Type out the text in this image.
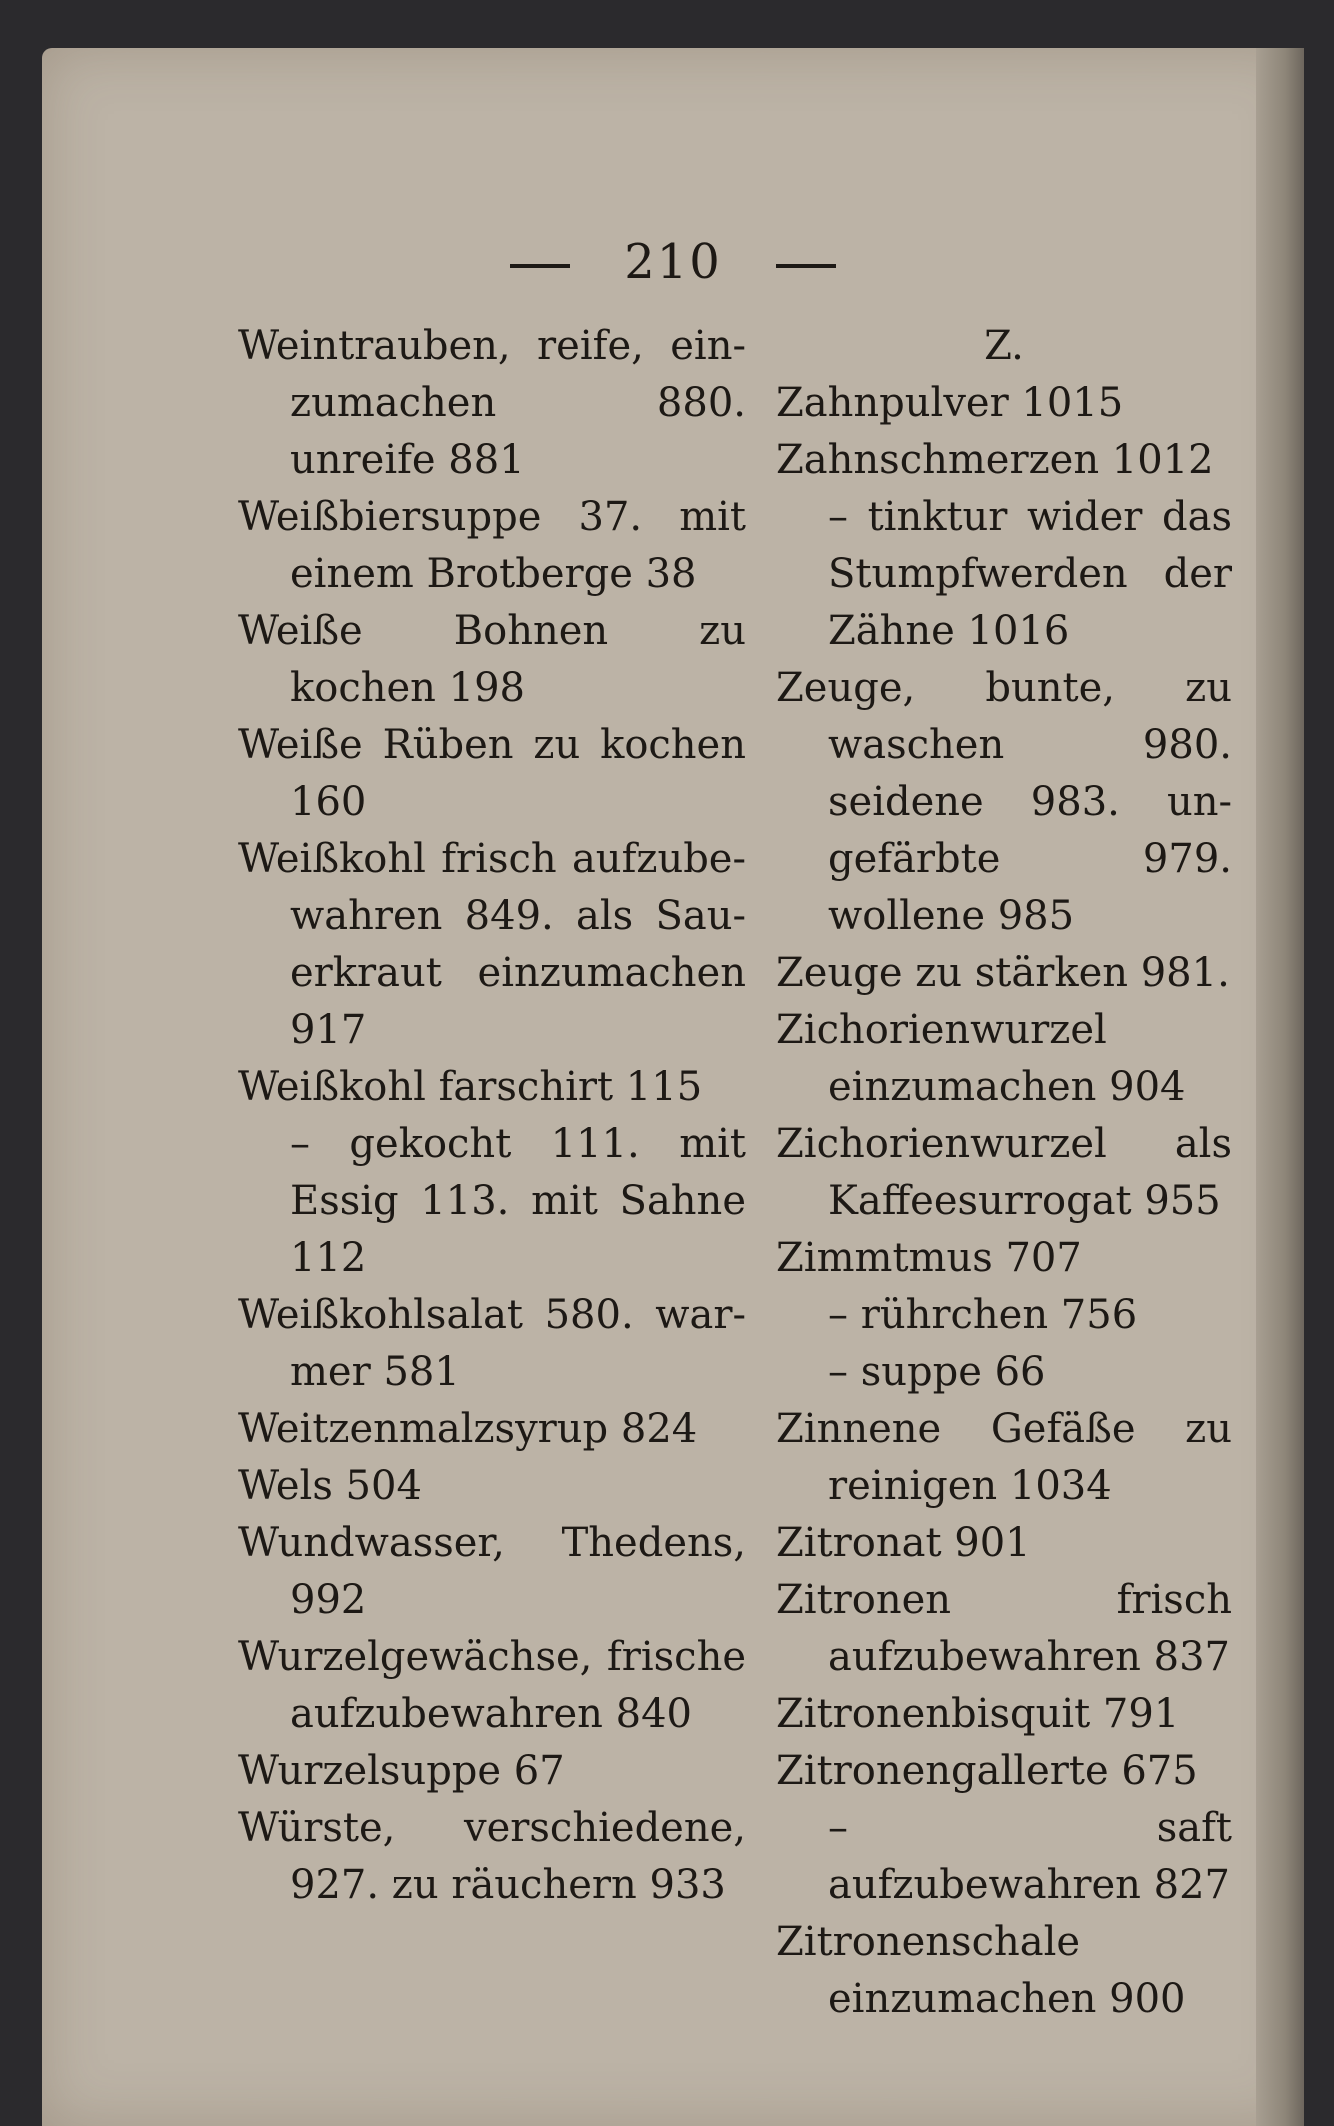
210

Weintrauben, reife, einzumachen 880. unreife 881

Weißbiersuppe 37. mit einem Brotberge 38

Weiße Bohnen zu kochen 198

Weiße Rüben zu kochen 160

Weißkohl frisch aufzubewahren 849. als Sauerkraut einzumachen 917

Weißkohl farschirt 115

– gekocht 111. mit Essig 113. mit Sahne 112

Weißkohlsalat 580. warmer 581

Weitzenmalzsyrup 824

Wels 504

Wundwasser, Thedens, 992

Wurzelgewächse, frische aufzubewahren 840

Wurzelsuppe 67

Würste, verschiedene, 927. zu räuchern 933

Z.

Zahnpulver 1015

Zahnschmerzen 1012

– tinktur wider das Stumpfwerden der Zähne 1016

Zeuge, bunte, zu waschen 980. seidene 983. ungefärbte 979. wollene 985

Zeuge zu stärken 981.

Zichorienwurzel einzumachen 904

Zichorienwurzel als Kaffeesurrogat 955

Zimmtmus 707

– rührchen 756

– suppe 66

Zinnene Gefäße zu reinigen 1034

Zitronat 901

Zitronen frisch aufzubewahren 837

Zitronenbisquit 791

Zitronengallerte 675

– saft aufzubewahren 827

Zitronenschale einzumachen 900
